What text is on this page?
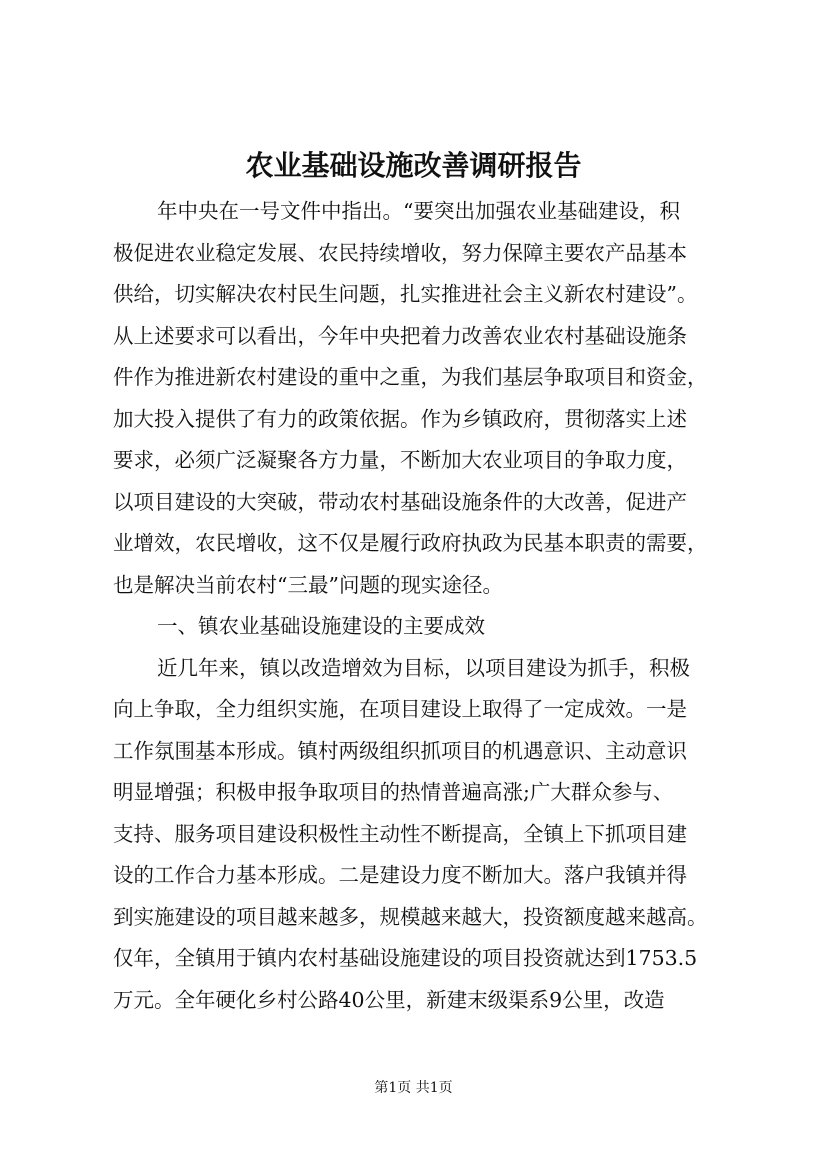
农业基础设施改善调研报告
年中央在一号文件中指出。“要突出加强农业基础建设，积
极促进农业稳定发展、农民持续增收，努力保障主要农产品基本
供给，切实解决农村民生问题，扎实推进社会主义新农村建设”。
从上述要求可以看出，今年中央把着力改善农业农村基础设施条
件作为推进新农村建设的重中之重，为我们基层争取项目和资金，
加大投入提供了有力的政策依据。作为乡镇政府，贯彻落实上述
要求，必须广泛凝聚各方力量，不断加大农业项目的争取力度，
以项目建设的大突破，带动农村基础设施条件的大改善，促进产
业增效，农民增收，这不仅是履行政府执政为民基本职责的需要，
也是解决当前农村“三最”问题的现实途径。
一、镇农业基础设施建设的主要成效
近几年来，镇以改造增效为目标，以项目建设为抓手，积极
向上争取，全力组织实施，在项目建设上取得了一定成效。一是
工作氛围基本形成。镇村两级组织抓项目的机遇意识、主动意识
明显增强；积极申报争取项目的热情普遍高涨;广大群众参与、
支持、服务项目建设积极性主动性不断提高，全镇上下抓项目建
设的工作合力基本形成。二是建设力度不断加大。落户我镇并得
到实施建设的项目越来越多，规模越来越大，投资额度越来越高。
仅年，全镇用于镇内农村基础设施建设的项目投资就达到1753.5
万元。全年硬化乡村公路40公里，新建末级渠系9公里，改造
第1页 共1页
